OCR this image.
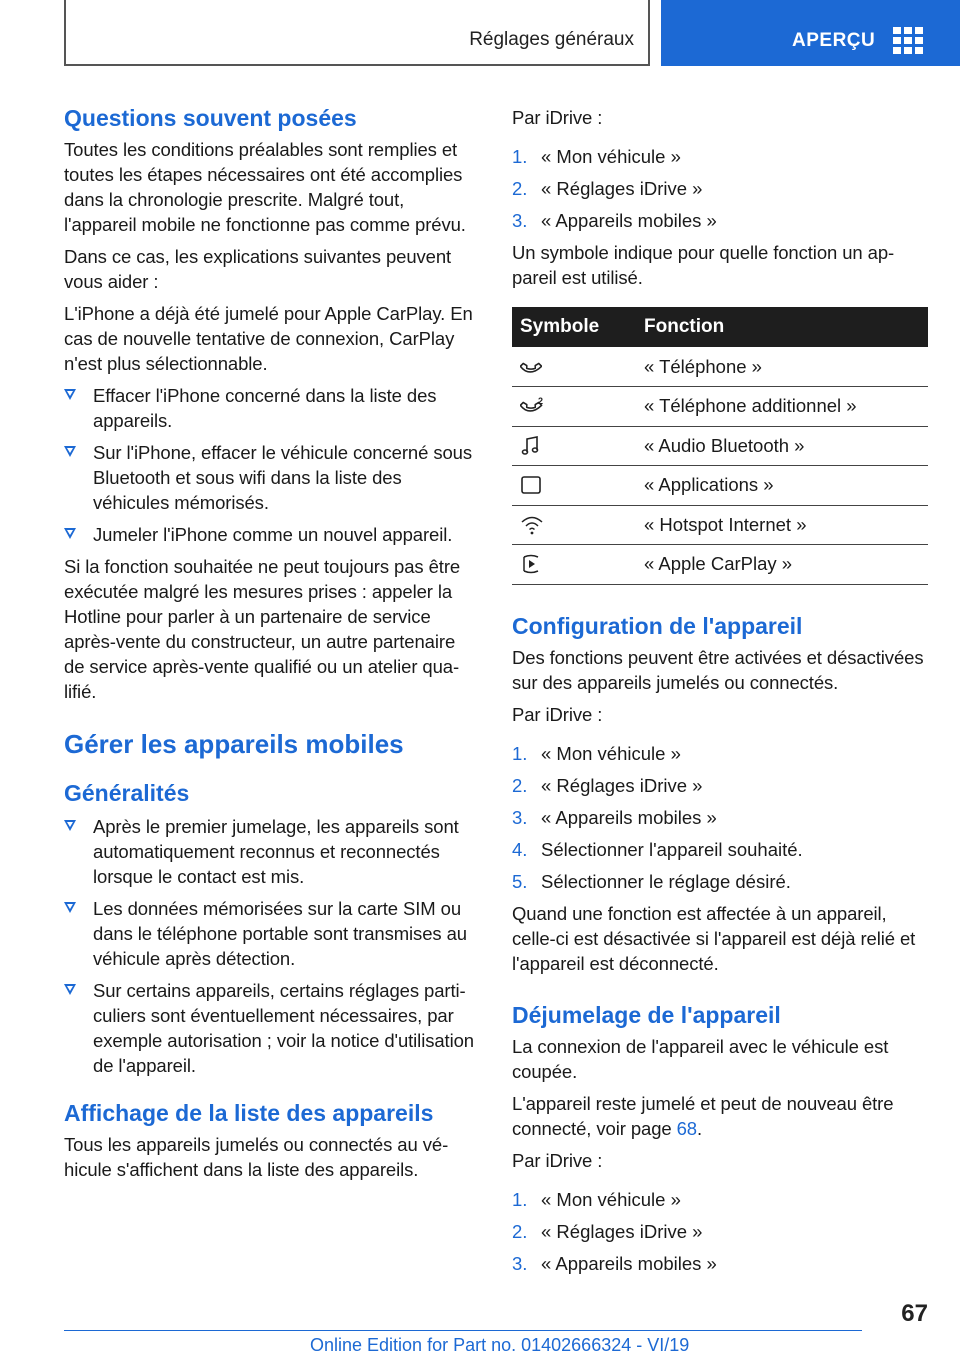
Réglages généraux	APERÇU
Questions souvent posées

Toutes les conditions préalables sont remplies et toutes les étapes nécessaires ont été accomplies dans la chronologie prescrite. Malgré tout, l'appareil mobile ne fonctionne pas comme prévu.

Dans ce cas, les explications suivantes peuvent vous aider :

L'iPhone a déjà été jumelé pour Apple CarPlay. En cas de nouvelle tentative de connexion, CarPlay n'est plus sélectionnable.

Effacer l'iPhone concerné dans la liste des appareils.
Sur l'iPhone, effacer le véhicule concerné sous Bluetooth et sous wifi dans la liste des véhicules mémorisés.
Jumeler l'iPhone comme un nouvel appareil.

Si la fonction souhaitée ne peut toujours pas être exécutée malgré les mesures prises : appeler la Hotline pour parler à un partenaire de service après-vente du constructeur, un autre partenaire de service après-vente qualifié ou un atelier qualifié.

Gérer les appareils mobiles
Généralités
Après le premier jumelage, les appareils sont automatiquement reconnus et reconnectés lorsque le contact est mis.
Les données mémorisées sur la carte SIM ou dans le téléphone portable sont transmises au véhicule après détection.
Sur certains appareils, certains réglages particuliers sont éventuellement nécessaires, par exemple autorisation ; voir la notice d'utilisation de l'appareil.
Affichage de la liste des appareils

Tous les appareils jumelés ou connectés au véhicule s'affichent dans la liste des appareils.

Par iDrive :

1. « Mon véhicule »
2. « Réglages iDrive »
3. « Appareils mobiles »

Un symbole indique pour quelle fonction un appareil est utilisé.

Symbole	Fonction

	« Téléphone »

2	« Téléphone additionnel »

	« Audio Bluetooth »

	« Applications »

	« Hotspot Internet »

	« Apple CarPlay »
Configuration de l'appareil

Des fonctions peuvent être activées et désactivées sur des appareils jumelés ou connectés.

Par iDrive :

1. « Mon véhicule »
2. « Réglages iDrive »
3. « Appareils mobiles »
4. Sélectionner l'appareil souhaité.
5. Sélectionner le réglage désiré.

Quand une fonction est affectée à un appareil, celle-ci est désactivée si l'appareil est déjà relié et l'appareil est déconnecté.

Déjumelage de l'appareil

La connexion de l'appareil avec le véhicule est coupée.

L'appareil reste jumelé et peut de nouveau être connecté, voir page 68.

Par iDrive :

1. « Mon véhicule »
2. « Réglages iDrive »
3. « Appareils mobiles »
67
Online Edition for Part no. 01402666324 - VI/19
